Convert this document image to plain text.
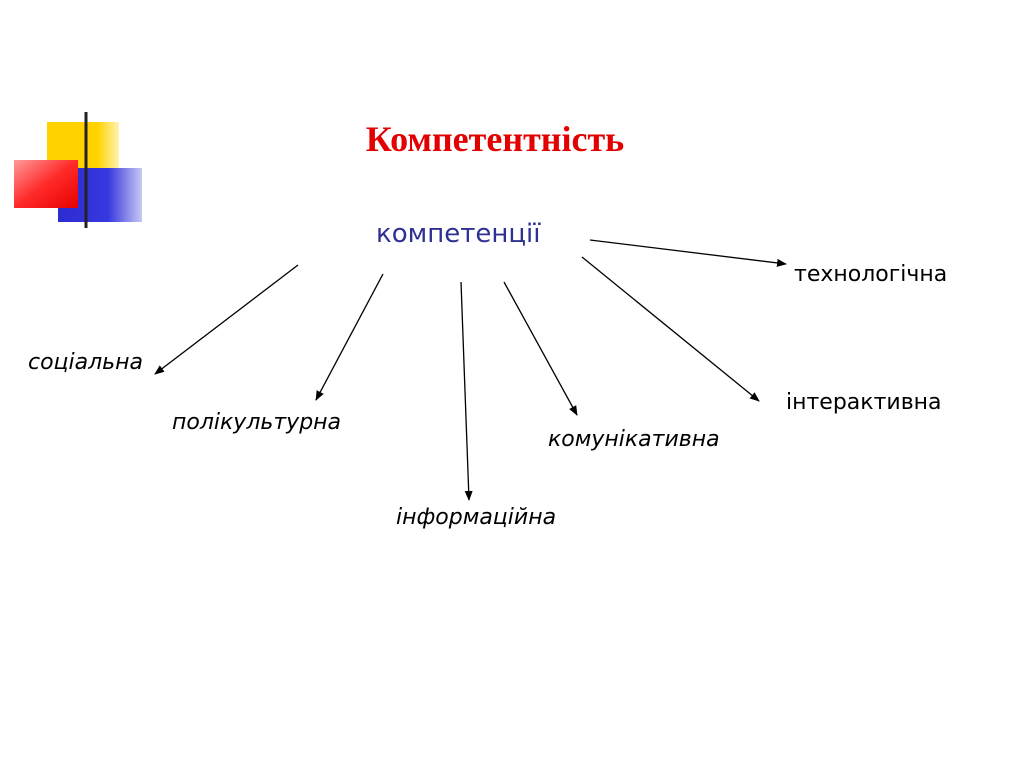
Компетентність
компетенції
соціальна
полікультурна
інформаційна
комунікативна
інтерактивна
технологічна
